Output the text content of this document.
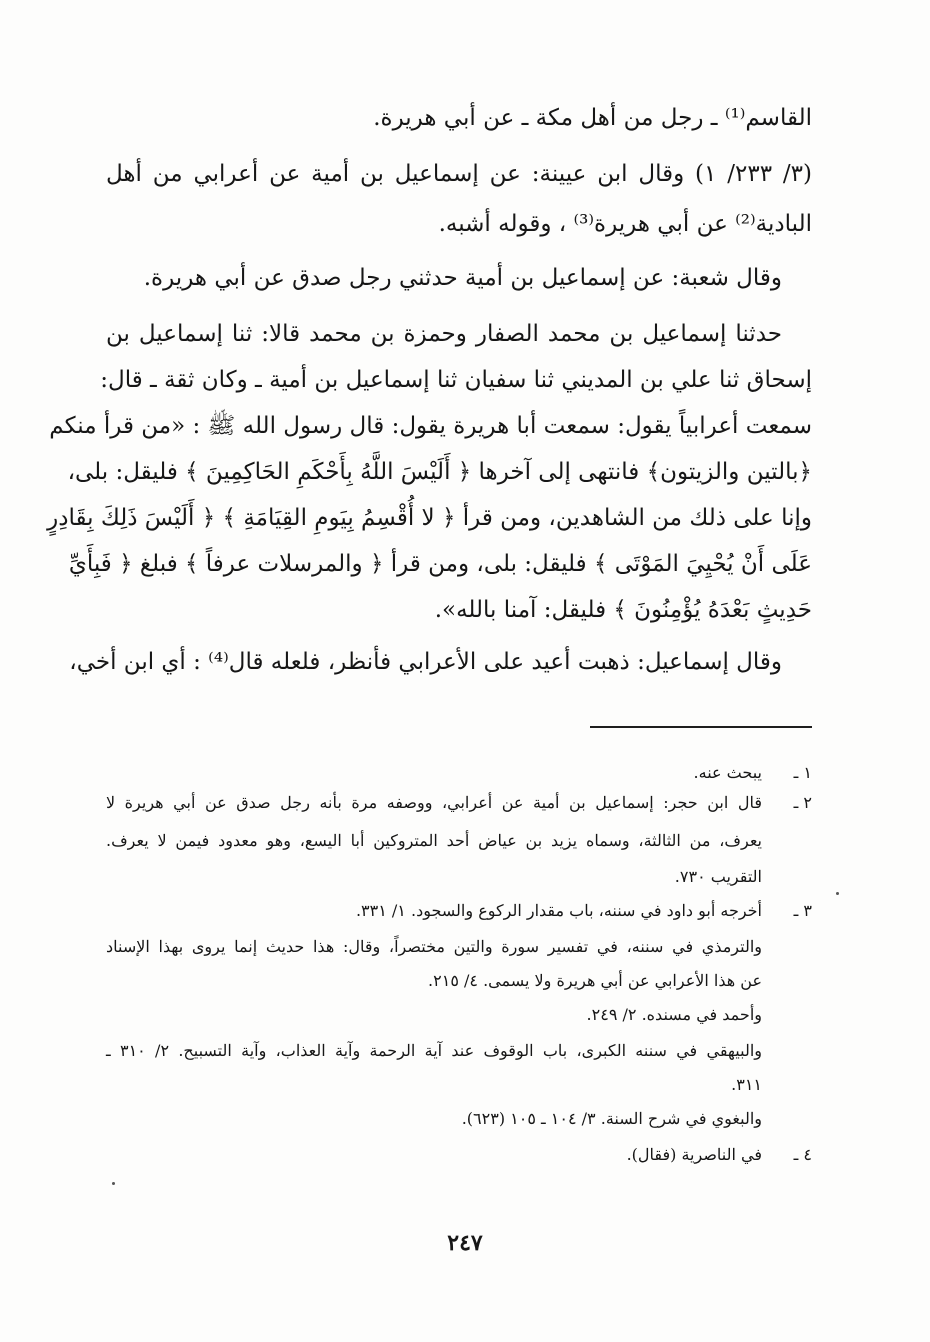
القاسم⁽¹⁾ ـ رجل من أهل مكة ـ عن أبي هريرة.
(٣/ ٢٣٣/ ١) وقال ابن عيينة: عن إسماعيل بن أمية عن أعرابي من أهل
البادية⁽²⁾ عن أبي هريرة⁽³⁾ ، وقوله أشبه.
وقال شعبة: عن إسماعيل بن أمية حدثني رجل صدق عن أبي هريرة.
حدثنا إسماعيل بن محمد الصفار وحمزة بن محمد قالا: ثنا إسماعيل بن
إسحاق ثنا علي بن المديني ثنا سفيان ثنا إسماعيل بن أمية ـ وكان ثقة ـ قال:
سمعت أعرابياً يقول: سمعت أبا هريرة يقول: قال رسول الله ﷺ : «من قرأ منكم
﴿بالتين والزيتون﴾ فانتهى إلى آخرها ﴿ أَلَيْسَ اللَّهُ بِأَحْكَمِ الحَاكِمِينَ ﴾ فليقل: بلى،
وإنا على ذلك من الشاهدين، ومن قرأ ﴿ لا أُقْسِمُ بِيَومِ القِيَامَةِ ﴾ ﴿ أَلَيْسَ ذَلِكَ بِقَادِرٍ
عَلَى أَنْ يُحْيِيَ المَوْتَى ﴾ فليقل: بلى، ومن قرأ ﴿ والمرسلات عرفاً ﴾ فبلغ ﴿ فَبِأَيِّ
حَدِيثٍ بَعْدَهُ يُؤْمِنُونَ ﴾ فليقل: آمنا بالله».
وقال إسماعيل: ذهبت أعيد على الأعرابي فأنظر، فلعله قال⁽⁴⁾ : أي ابن أخي،
١ ـ
٢ ـ
٣ ـ
٤ ـ
يبحث عنه.
قال ابن حجر: إسماعيل بن أمية عن أعرابي، ووصفه مرة بأنه رجل صدق عن أبي هريرة لا
يعرف، من الثالثة، وسماه يزيد بن عياض أحد المتروكين أبا اليسع، وهو معدود فيمن لا يعرف.
التقريب ٧٣٠.
أخرجه أبو داود في سننه، باب مقدار الركوع والسجود. ١/ ٣٣١.
والترمذي في سننه، في تفسير سورة والتين مختصراً، وقال: هذا حديث إنما يروى بهذا الإسناد
عن هذا الأعرابي عن أبي هريرة ولا يسمى. ٤/ ٢١٥.
وأحمد في مسنده. ٢/ ٢٤٩.
والبيهقي في سننه الكبرى، باب الوقوف عند آية الرحمة وآية العذاب، وآية التسبيح. ٢/ ٣١٠ ـ
٣١١.
والبغوي في شرح السنة. ٣/ ١٠٤ ـ ١٠٥ (٦٢٣).
في الناصرية (فقال).
٢٤٧
